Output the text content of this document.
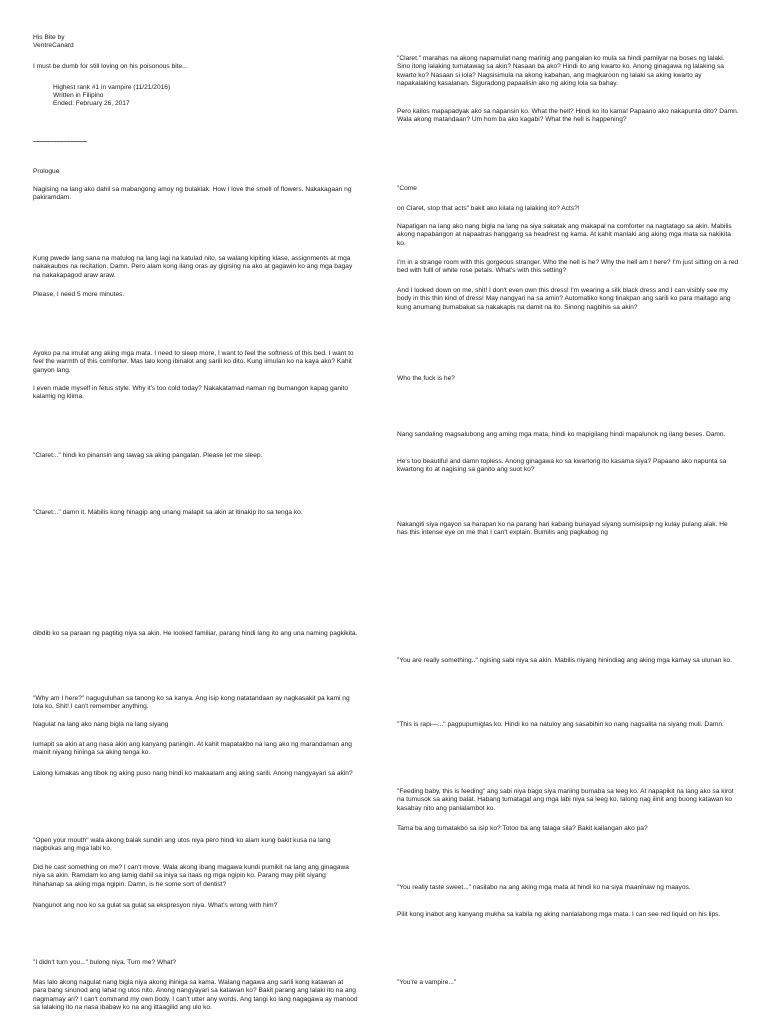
His Bite by

VentreCanard

I must be dumb for still loving on his poisonous bite...

Highest rank #1 in vampire (11/21/2016)

Written in Filipino

Ended: February 26, 2017

~~~~~~~~~~~~~~~~

Prologue

Nagising na lang ako dahil sa mabangong amoy ng bulaklak. How I love the smell of flowers. Nakakagaan ng pakiramdam.

Kung pwede lang sana na matulog na lang lagi na katulad nito, sa walang kipiting klase, assignments at mga nakakaubos na recitation. Damn. Pero alam kong ilang oras ay gigising na ako at gagawin ko ang mga bagay na nakakapagod araw araw.

Please, I need 5 more minutes.

Ayoko pa na imulat ang aking mga mata. I need to sleep more, I want to feel the softness of this bed. I want to feel the warmth of this comforter. Mas lalo kong ibinalot ang sarili ko dito. Kung iimulan ko na kaya ako? Kahit ganyon lang.

I even made myself in fetus style. Why it's too cold today? Nakakatamad naman ng bumangon kapag ganito kalamig ng klima.

"Claret..." hindi ko pinansin ang tawag sa aking pangalan. Please let me sleep.

"Claret..." damn it. Mabilis kong hinagip ang unang malapit sa akin at itinakip ito sa tenga ko.

dibdib ko sa paraan ng pagtitig niya sa akin. He looked familiar, parang hindi lang ito ang una naming pagkikita.

"Why am I here?" naguguluhan sa tanong ko sa kanya. Ang isip kong natatandaan ay nagkasakit pa kami ng lola ko. Shit! I can't remember anything.

Nagulat na lang ako nang bigla na lang siyang

lumapit sa akin at ang nasa akin ang kanyang paningin. At kahit mapatakbo na lang ako ng marandaman ang mainit niyang hininga sa aking tenga ko.

Lalong lumakas ang tibok ng aking puso nang hindi ko makaalam ang aking sarili. Anong nangyayari sa akin?

"Open your mouth" wala akong balak sundin ang utos niya pero hindi ko alam kung bakit kusa na lang nagbukas ang mga labi ko.

Did he cast something on me? I can't move. Wala akong ibang magawa kundi pumikit na lang ang ginagawa niya sa akin. Ramdam ko ang lamig dahil sa iniya sa itaas ng mga ngipin ko. Parang may pilit siyang hinahanap sa aking mga ngipin. Damn, is he some sort of dentist?

Nangunot ang noo ko sa gulat sa gulat sa ekspresyon niya. What's wrong with him?

"I didn't turn you..." bulong niya. Turn me? What?

Mas lalo akong nagulat nang bigla niya akong ihiniga sa kama. Walang nagawa ang sarili kong katawan at para bang sinunod ang lahat ng utos nito. Anong nangyayari sa katawan ko? Bakit parang ang lalaki ito na ang nagmamay ari? I can't command my own body. I can't utter any words. Ang tangi ko lang nagagawa ay manood sa lalaking ito na nasa ibabaw ko na ang ittaagilid ang ulo ko.

"Claret." marahas na akong napamulat nang marinig ang pangalan ko mula sa hindi pamilyar na boses ng lalaki. Sino itong lalaking tumatawag sa akin? Nasaan ba ako? Hindi ito ang kwarto ko. Anong ginagawa ng lalaking sa kwarto ko? Nasaan si lola? Nagsisimula na akong kabahan, ang magkaroon ng lalaki sa aking kwarto ay napakalaking kasalanan. Siguradong papaalisin ako ng aking lola sa bahay.

Pero kailos mapapadyak ako sa napansin ko. What the hell? Hindi ko ito kama! Papaano ako nakapunta dito? Damn. Wala akong matandaan? Um hom ba ako kagabi? What the hell is happening?

"Come

on Claret, stop that acts" bakit ako kilala ng lalaking ito? Acts?!

Napatigan na lang ako nang bigla na lang na siya sakatak ang makapal na comforter na nagtatago sa akin. Mabilis akong napabangon at napaatras hanggang sa headrest ng kama. At kahit manlaki ang aking mga mata sa nakikita ko.

I'm in a strange room with this gorgeous stranger. Who the hell is he? Why the hell am I here? I'm just sitting on a red bed with fulll of white rose petals. What's with this setting?

And I looked down on me, shit! I don't even own this dress! I'm wearing a silk black dress and I can visibly see my body in this thin kind of dress! May nangyari na sa amin? Automatiko kong tinakpan ang sarili ko para maitago ang kung anumang bumabakat sa nakakapis na damit na ito. Sinong nagbihis sa akin?

Who the fuck is he?

Nang sandaling magsalubong ang aming mga mata, hindi ko mapigilang hindi mapalunok ng ilang beses. Damn.

He's too beautiful and damn topless. Anong ginagawa ko sa kwartong ito kasama siya? Papaano ako napunta sa kwartong ito at nagising sa ganito ang suot ko?

Nakangiti siya ngayon sa harapan ko na parang hari kabang bunayad siyang sumisipsip ng kulay pulang alak. He has this intense eye on me that I can't explain. Bumilis ang pagkabog ng

"You are really something.." ngising sabi niya sa akin. Mabilis niyang hinindiag ang aking mga kamay sa ulunan ko.

"This is rapi—..." pagpupumiglas ko. Hindi ko na natuloy ang sasabihin ko nang nagsalita na siyang muli. Damn.

"Feeding baby, this is feeding" ang sabi niya bago siya mariing bumaba sa leeg ko. At napapikit na lang ako sa kirot na tumusok sa aking balat. Habang tumatagal ang mga labi niya sa leeg ko, lalong nag iiinit ang buong katawan ko kasabay nito ang panlalambot ko.

Tama ba ang tumatakbo sa isip ko? Totoo ba ang talaga sila? Bakit kailangan ako pa?

"You really taste sweet..." nasilabo na ang aking mga mata at hindi ko na siya maaninaw ng maayos.

Pilit kong inabot ang kanyang mukha sa kabila ng aking nanlalabong mga mata. I can see red liquid on his lips.

"You're a vampire..."
